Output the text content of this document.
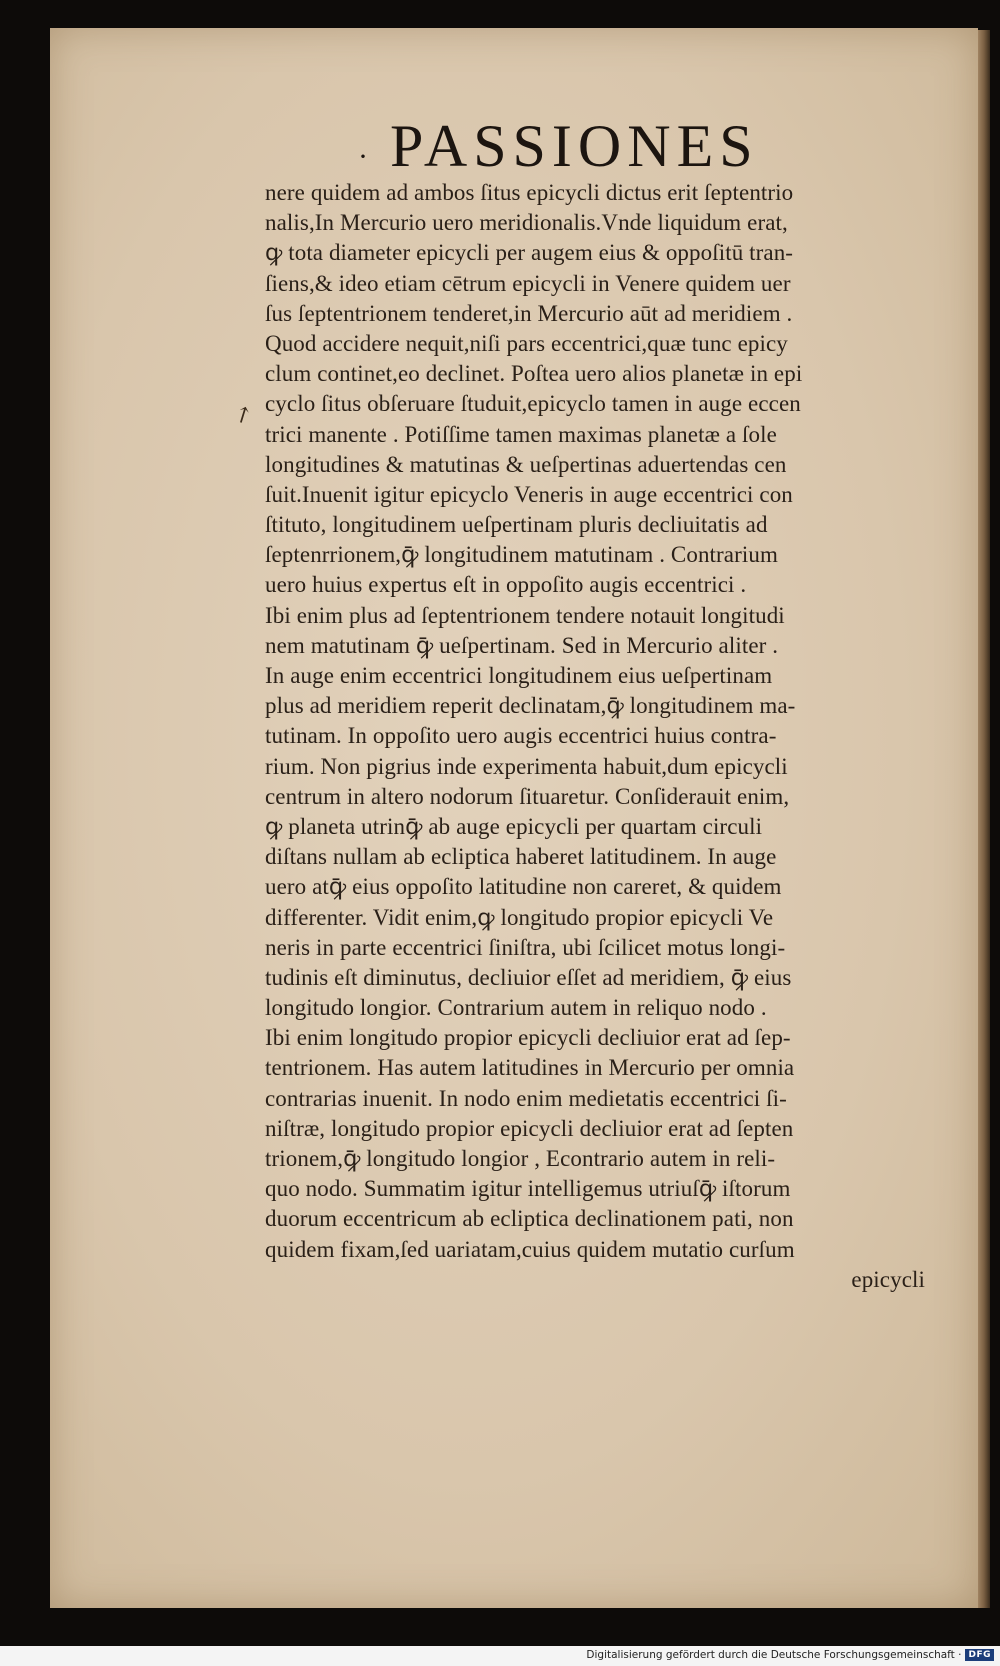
· PASSIONES
↗
nere quidem ad ambos ſitus epicycli dictus erit ſeptentrio
nalis,In Mercurio uero meridionalis.Vnde liquidum erat,
ꝙ tota diameter epicycli per augem eius & oppoſitū tran-
ſiens,& ideo etiam cētrum epicycli in Venere quidem uer
ſus ſeptentrionem tenderet,in Mercurio aūt ad meridiem .
Quod accidere nequit,niſi pars eccentrici,quæ tunc epicy
clum continet,eo declinet. Poſtea uero alios planetæ in epi
cyclo ſitus obſeruare ſtuduit,epicyclo tamen in auge eccen
trici manente . Potiſſime tamen maximas planetæ a ſole
longitudines & matutinas & ueſpertinas aduertendas cen
ſuit.Inuenit igitur epicyclo Veneris in auge eccentrici con
ſtituto, longitudinem ueſpertinam pluris decliuitatis ad
ſeptenrrionem,ꝙ̄ longitudinem matutinam . Contrarium
uero huius expertus eſt in oppoſito augis eccentrici .
Ibi enim plus ad ſeptentrionem tendere notauit longitudi
nem matutinam ꝙ̄ ueſpertinam. Sed in Mercurio aliter .
In auge enim eccentrici longitudinem eius ueſpertinam
plus ad meridiem reperit declinatam,ꝙ̄ longitudinem ma-
tutinam. In oppoſito uero augis eccentrici huius contra-
rium. Non pigrius inde experimenta habuit,dum epicycli
centrum in altero nodorum ſituaretur. Conſiderauit enim,
ꝙ planeta utrinꝙ̄ ab auge epicycli per quartam circuli
diſtans nullam ab ecliptica haberet latitudinem. In auge
uero atꝙ̄ eius oppoſito latitudine non careret, & quidem
differenter. Vidit enim,ꝙ longitudo propior epicycli Ve
neris in parte eccentrici ſiniſtra, ubi ſcilicet motus longi-
tudinis eſt diminutus, decliuior eſſet ad meridiem, ꝙ̄ eius
longitudo longior. Contrarium autem in reliquo nodo .
Ibi enim longitudo propior epicycli decliuior erat ad ſep-
tentrionem. Has autem latitudines in Mercurio per omnia
contrarias inuenit. In nodo enim medietatis eccentrici ſi-
niſtræ, longitudo propior epicycli decliuior erat ad ſepten
trionem,ꝙ̄ longitudo longior , Econtrario autem in reli-
quo nodo. Summatim igitur intelligemus utriuſꝙ̄ iſtorum
duorum eccentricum ab ecliptica declinationem pati, non
quidem fixam,ſed uariatam,cuius quidem mutatio curſum
epicycli
Digitalisierung gefördert durch die Deutsche Forschungsgemeinschaft · DFG
